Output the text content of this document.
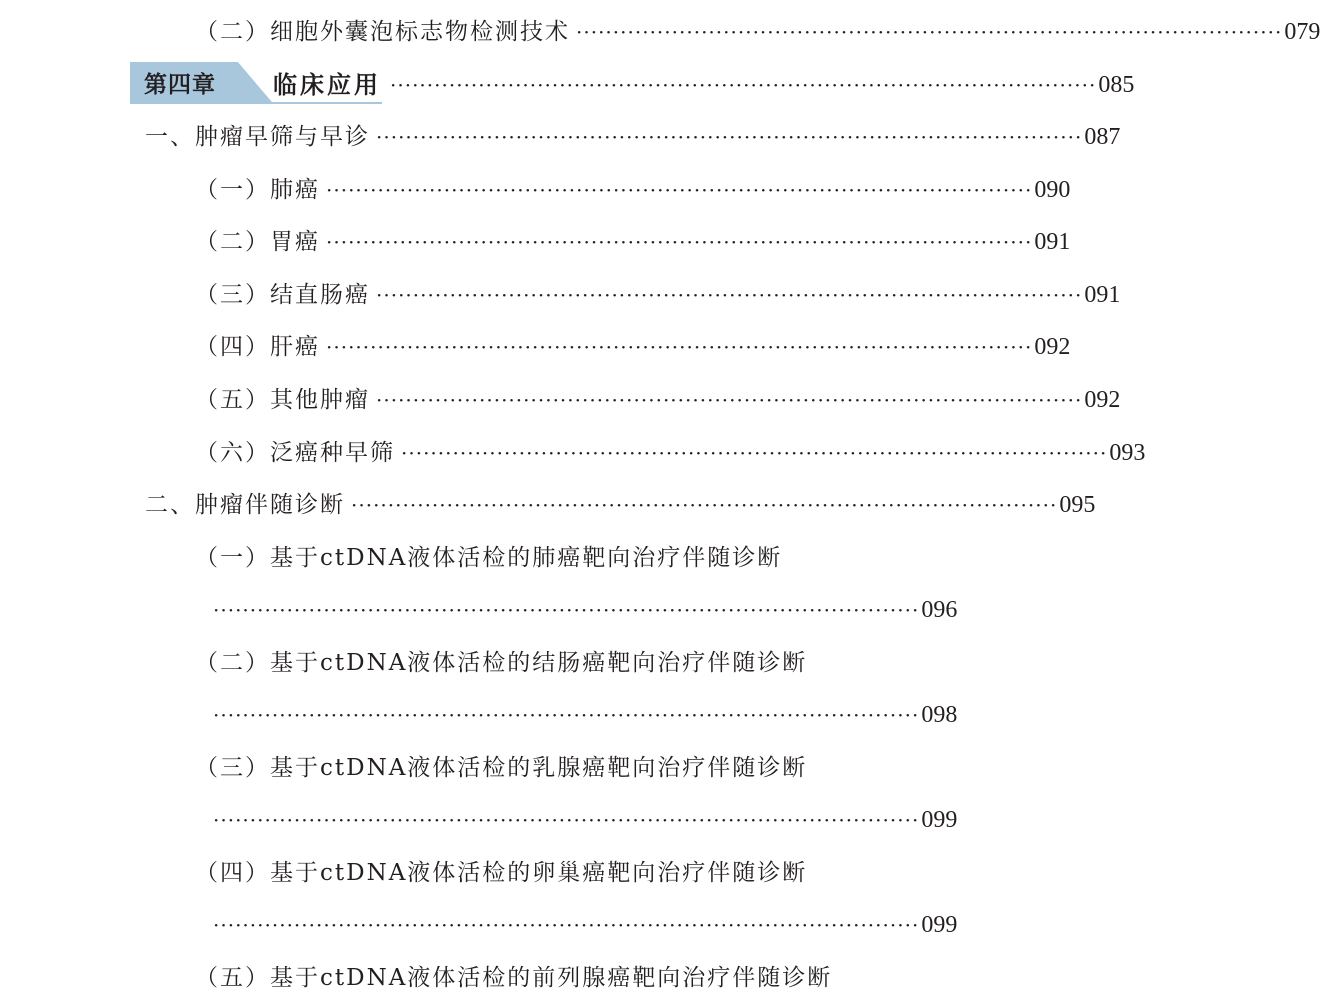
（二）细胞外囊泡标志物检测技术 ································································································ 079
第四章 临床应用 ································································································ 085
一、肿瘤早筛与早诊 ································································································ 087
（一）肺癌 ································································································ 090
（二）胃癌 ································································································ 091
（三）结直肠癌 ································································································ 091
（四）肝癌 ································································································ 092
（五）其他肿瘤 ································································································ 092
（六）泛癌种早筛 ································································································ 093
二、肿瘤伴随诊断 ································································································ 095
（一）基于ctDNA液体活检的肺癌靶向治疗伴随诊断
································································································ 096
（二）基于ctDNA液体活检的结肠癌靶向治疗伴随诊断
································································································ 098
（三）基于ctDNA液体活检的乳腺癌靶向治疗伴随诊断
································································································ 099
（四）基于ctDNA液体活检的卵巢癌靶向治疗伴随诊断
································································································ 099
（五）基于ctDNA液体活检的前列腺癌靶向治疗伴随诊断
